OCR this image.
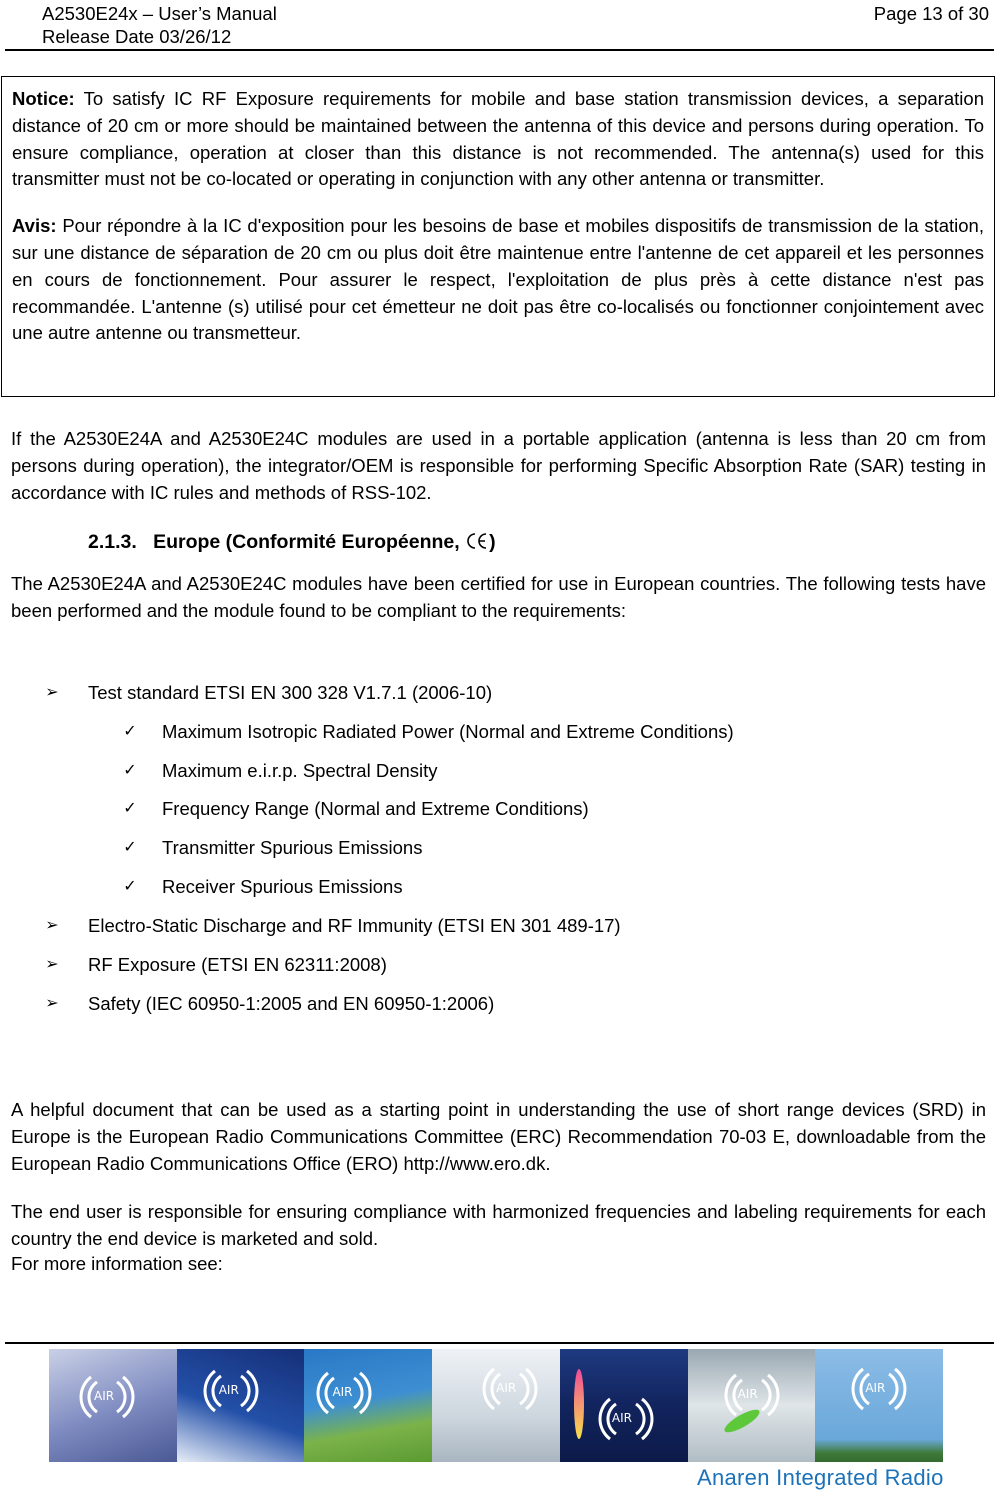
A2530E24x – User’s Manual
Release Date 03/26/12
Page 13 of 30

Notice: To satisfy IC RF Exposure requirements for mobile and base station transmission devices, a separation distance of 20 cm or more should be maintained between the antenna of this device and persons during operation. To ensure compliance, operation at closer than this distance is not recommended. The antenna(s) used for this transmitter must not be co-located or operating in conjunction with any other antenna or transmitter.

Avis: Pour répondre à la IC d'exposition pour les besoins de base et mobiles dispositifs de transmission de la station, sur une distance de séparation de 20 cm ou plus doit être maintenue entre l'antenne de cet appareil et les personnes en cours de fonctionnement. Pour assurer le respect, l'exploitation de plus près à cette distance n'est pas recommandée. L'antenne (s) utilisé pour cet émetteur ne doit pas être co-localisés ou fonctionner conjointement avec une autre antenne ou transmetteur.

If the A2530E24A and A2530E24C modules are used in a portable application (antenna is less than 20 cm from persons during operation), the integrator/OEM is responsible for performing Specific Absorption Rate (SAR) testing in accordance with IC rules and methods of RSS-102.

2.1.3. Europe (Conformité Européenne, )

The A2530E24A and A2530E24C modules have been certified for use in European countries. The following tests have been performed and the module found to be compliant to the requirements:

➢ Test standard ETSI EN 300 328 V1.7.1 (2006-10)
✓ Maximum Isotropic Radiated Power (Normal and Extreme Conditions)
✓ Maximum e.i.r.p. Spectral Density
✓ Frequency Range (Normal and Extreme Conditions)
✓ Transmitter Spurious Emissions
✓ Receiver Spurious Emissions
➢ Electro-Static Discharge and RF Immunity (ETSI EN 301 489-17)
➢ RF Exposure (ETSI EN 62311:2008)
➢ Safety (IEC 60950-1:2005 and EN 60950-1:2006)

A helpful document that can be used as a starting point in understanding the use of short range devices (SRD) in Europe is the European Radio Communications Committee (ERC) Recommendation 70-03 E, downloadable from the European Radio Communications Office (ERO) http://www.ero.dk.

The end user is responsible for ensuring compliance with harmonized frequencies and labeling requirements for each country the end device is marketed and sold.

For more information see:

AIR	AIR	AIR	AIR
AIR
AIR	AIR
Anaren Integrated Radio
